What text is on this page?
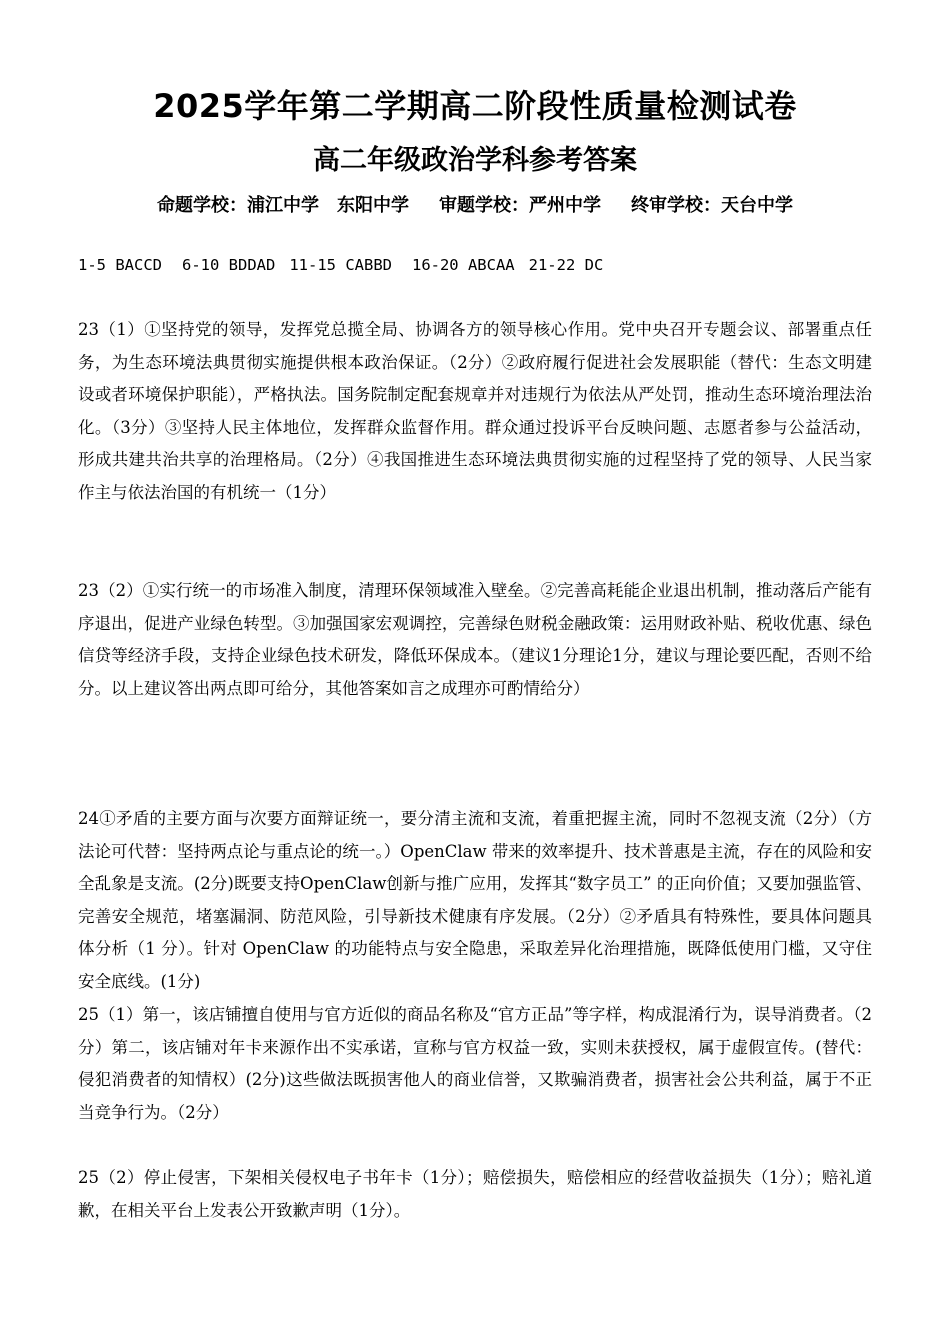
2025学年第二学期高二阶段性质量检测试卷
高二年级政治学科参考答案
命题学校：浦江中学 东阳中学 审题学校：严州中学 终审学校：天台中学
1-5 BACCD 6-10 BDDAD 11-15 CABBD 16-20 ABCAA 21-22 DC

23（1）①坚持党的领导，发挥党总揽全局、协调各方的领导核心作用。党中央召开专题会议、部署重点任务，为生态环境法典贯彻实施提供根本政治保证。（2分）②政府履行促进社会发展职能（替代：生态文明建设或者环境保护职能），严格执法。国务院制定配套规章并对违规行为依法从严处罚，推动生态环境治理法治化。（3分）③坚持人民主体地位，发挥群众监督作用。群众通过投诉平台反映问题、志愿者参与公益活动，形成共建共治共享的治理格局。（2分）④我国推进生态环境法典贯彻实施的过程坚持了党的领导、人民当家作主与依法治国的有机统一（1分）

23（2）①实行统一的市场准入制度，清理环保领域准入壁垒。②完善高耗能企业退出机制，推动落后产能有序退出，促进产业绿色转型。③加强国家宏观调控，完善绿色财税金融政策：运用财政补贴、税收优惠、绿色信贷等经济手段，支持企业绿色技术研发，降低环保成本。（建议1分理论1分，建议与理论要匹配，否则不给分。以上建议答出两点即可给分，其他答案如言之成理亦可酌情给分）

24①矛盾的主要方面与次要方面辩证统一，要分清主流和支流，着重把握主流，同时不忽视支流（2分）（方法论可代替：坚持两点论与重点论的统一。）OpenClaw 带来的效率提升、技术普惠是主流，存在的风险和安全乱象是支流。(2分)既要支持OpenClaw创新与推广应用，发挥其“数字员工” 的正向价值；又要加强监管、完善安全规范，堵塞漏洞、防范风险，引导新技术健康有序发展。（2分）②矛盾具有特殊性，要具体问题具体分析（1 分）。针对 OpenClaw 的功能特点与安全隐患，采取差异化治理措施，既降低使用门槛，又守住安全底线。(1分)

25（1）第一，该店铺擅自使用与官方近似的商品名称及“官方正品”等字样，构成混淆行为，误导消费者。（2分）第二，该店铺对年卡来源作出不实承诺，宣称与官方权益一致，实则未获授权，属于虚假宣传。(替代：侵犯消费者的知情权）(2分)这些做法既损害他人的商业信誉，又欺骗消费者，损害社会公共利益，属于不正当竞争行为。（2分）

25（2）停止侵害，下架相关侵权电子书年卡（1分）；赔偿损失，赔偿相应的经营收益损失（1分）；赔礼道歉，在相关平台上发表公开致歉声明（1分）。
